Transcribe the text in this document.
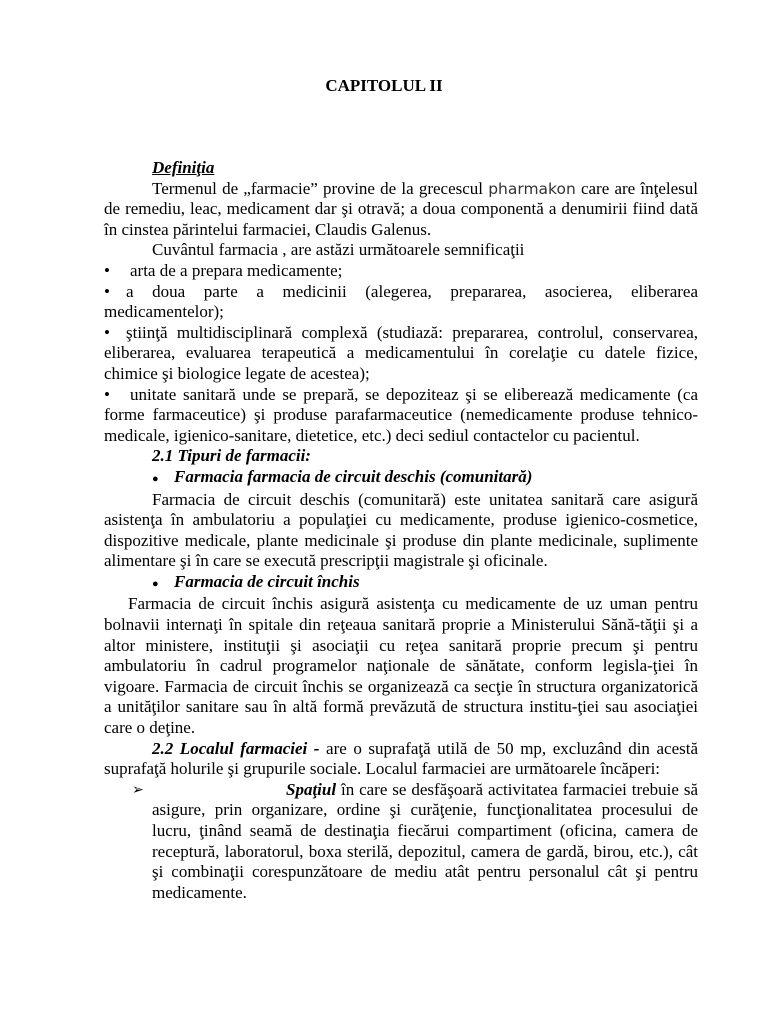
CAPITOLUL II

Definiţia

Termenul de „farmacie” provine de la grecescul pharmakon care are înţelesul de remediu, leac, medicament dar şi otravă; a doua componentă a denumirii fiind dată în cinstea părintelui farmaciei, Claudis Galenus.

Cuvântul farmacia , are astăzi următoarele semnificaţii

•	arta de a prepara medicamente;
• a doua parte a medicinii (alegerea, prepararea, asocierea, eliberarea medicamentelor);
• ştiinţă multidisciplinară complexă (studiază: prepararea, controlul, conservarea, eliberarea, evaluarea terapeutică a medicamentului în corelaţie cu datele fizice, chimice şi biologice legate de acestea);
•	unitate sanitară unde se prepară, se depoziteaz şi se eliberează medicamente (ca forme farmaceutice) şi produse parafarmaceutice (nemedicamente produse tehnico-medicale, igienico-sanitare, dietetice, etc.) deci sediul contactelor cu pacientul.

2.1 Tipuri de farmacii:

● Farmacia farmacia de circuit deschis (comunitară)

Farmacia de circuit deschis (comunitară) este unitatea sanitară care asigură asistenţa în ambulatoriu a populaţiei cu medicamente, produse igienico-cosmetice, dispozitive medicale, plante medicinale şi produse din plante medicinale, suplimente alimentare şi în care se execută prescripţii magistrale şi oficinale.

● Farmacia de circuit închis

Farmacia de circuit închis asigură asistenţa cu medicamente de uz uman pentru bolnavii internaţi în spitale din reţeaua sanitară proprie a Ministerului Sănă-tăţii şi a altor ministere, instituţii şi asociaţii cu reţea sanitară proprie precum şi pentru ambulatoriu în cadrul programelor naţionale de sănătate, conform legisla-ţiei în vigoare. Farmacia de circuit închis se organizează ca secţie în structura organizatorică a unităţilor sanitare sau în altă formă prevăzută de structura institu-ţiei sau asociaţiei care o deţine.

2.2 Localul farmaciei - are o suprafaţă utilă de 50 mp, excluzând din acestă suprafaţă holurile şi grupurile sociale. Localul farmaciei are următoarele încăperi:

➢	Spaţiul în care se desfăşoară activitatea farmaciei trebuie să asigure, prin organizare, ordine şi curăţenie, funcţionalitatea procesului de lucru, ţinând seamă de destinaţia fiecărui compartiment (oficina, camera de receptură, laboratorul, boxa sterilă, depozitul, camera de gardă, birou, etc.), cât şi combinaţii corespunzătoare de mediu atât pentru personalul cât şi pentru medicamente.
